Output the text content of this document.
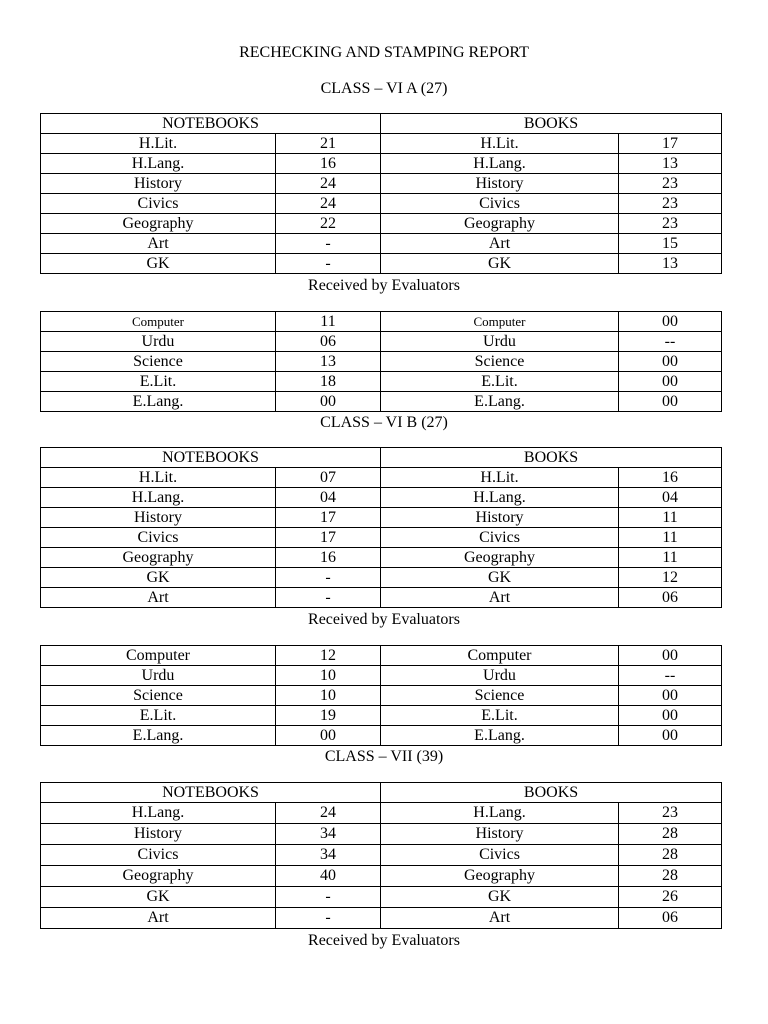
RECHECKING AND STAMPING REPORT
CLASS – VI A (27)
NOTEBOOKS		BOOKS	
H.Lit.	21	H.Lit.	17
H.Lang.	16	H.Lang.	13
History	24	History	23
Civics	24	Civics	23
Geography	22	Geography	23
Art	-	Art	15
GK	-	GK	13
Received by Evaluators
Computer	11	Computer	00
Urdu	06	Urdu	--
Science	13	Science	00
E.Lit.	18	E.Lit.	00
E.Lang.	00	E.Lang.	00
CLASS – VI B (27)
NOTEBOOKS		BOOKS	
H.Lit.	07	H.Lit.	16
H.Lang.	04	H.Lang.	04
History	17	History	11
Civics	17	Civics	11
Geography	16	Geography	11
GK	-	GK	12
Art	-	Art	06
Received by Evaluators
Computer	12	Computer	00
Urdu	10	Urdu	--
Science	10	Science	00
E.Lit.	19	E.Lit.	00
E.Lang.	00	E.Lang.	00
CLASS – VII (39)
NOTEBOOKS		BOOKS	
H.Lang.	24	H.Lang.	23
History	34	History	28
Civics	34	Civics	28
Geography	40	Geography	28
GK	-	GK	26
Art	-	Art	06
Received by Evaluators
